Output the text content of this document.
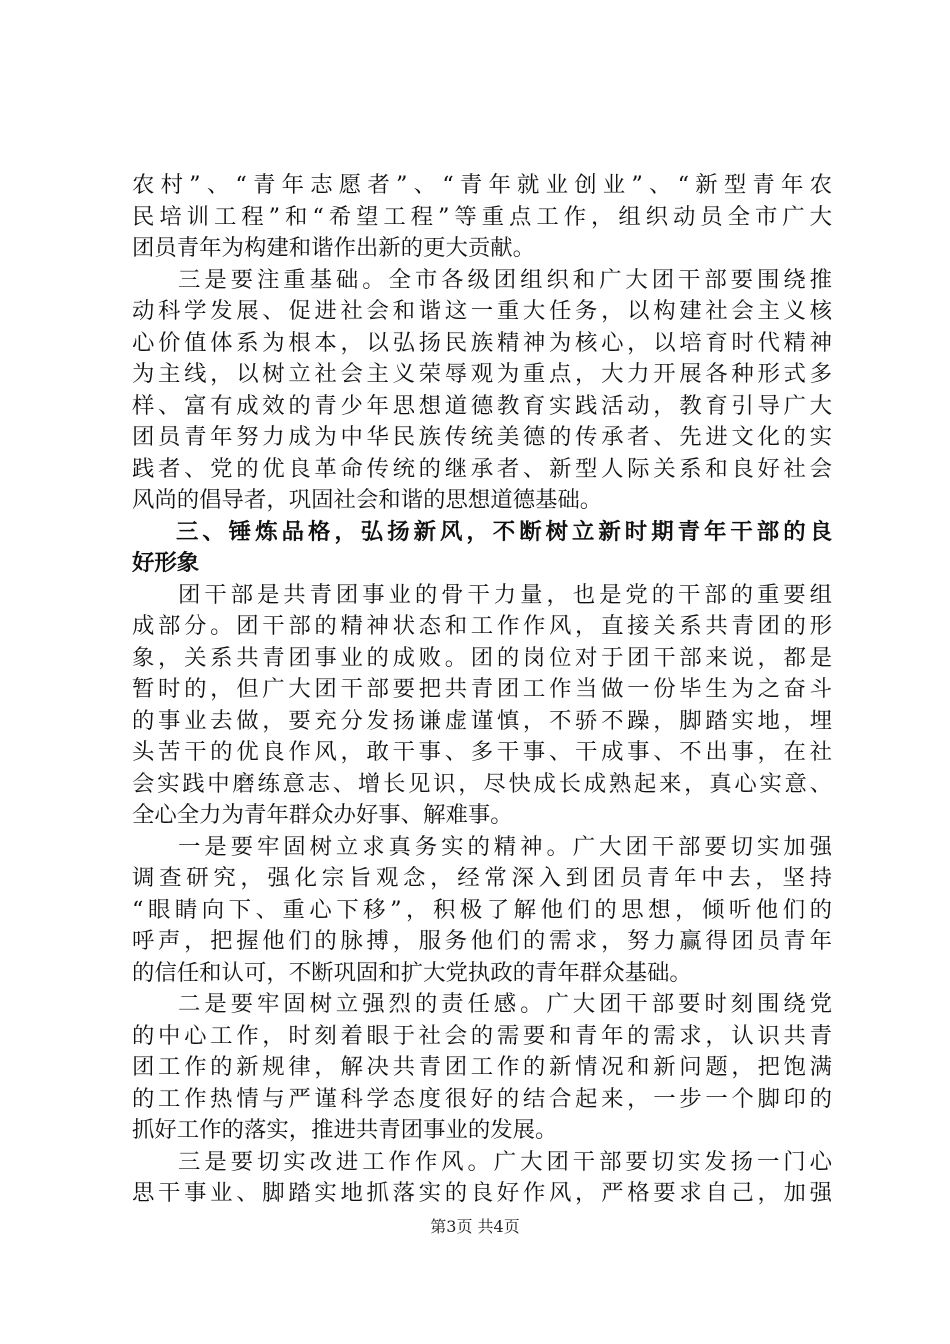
农村”、“青年志愿者”、“青年就业创业”、“新型青年农
民培训工程”和“希望工程”等重点工作，组织动员全市广大
团员青年为构建和谐作出新的更大贡献。
三是要注重基础。全市各级团组织和广大团干部要围绕推
动科学发展、促进社会和谐这一重大任务，以构建社会主义核
心价值体系为根本，以弘扬民族精神为核心，以培育时代精神
为主线，以树立社会主义荣辱观为重点，大力开展各种形式多
样、富有成效的青少年思想道德教育实践活动，教育引导广大
团员青年努力成为中华民族传统美德的传承者、先进文化的实
践者、党的优良革命传统的继承者、新型人际关系和良好社会
风尚的倡导者，巩固社会和谐的思想道德基础。
三、锤炼品格，弘扬新风，不断树立新时期青年干部的良
好形象
团干部是共青团事业的骨干力量，也是党的干部的重要组
成部分。团干部的精神状态和工作作风，直接关系共青团的形
象，关系共青团事业的成败。团的岗位对于团干部来说，都是
暂时的，但广大团干部要把共青团工作当做一份毕生为之奋斗
的事业去做，要充分发扬谦虚谨慎，不骄不躁，脚踏实地，埋
头苦干的优良作风，敢干事、多干事、干成事、不出事，在社
会实践中磨练意志、增长见识，尽快成长成熟起来，真心实意、
全心全力为青年群众办好事、解难事。
一是要牢固树立求真务实的精神。广大团干部要切实加强
调查研究，强化宗旨观念，经常深入到团员青年中去，坚持
“眼睛向下、重心下移”，积极了解他们的思想，倾听他们的
呼声，把握他们的脉搏，服务他们的需求，努力赢得团员青年
的信任和认可，不断巩固和扩大党执政的青年群众基础。
二是要牢固树立强烈的责任感。广大团干部要时刻围绕党
的中心工作，时刻着眼于社会的需要和青年的需求，认识共青
团工作的新规律，解决共青团工作的新情况和新问题，把饱满
的工作热情与严谨科学态度很好的结合起来，一步一个脚印的
抓好工作的落实，推进共青团事业的发展。
三是要切实改进工作作风。广大团干部要切实发扬一门心
思干事业、脚踏实地抓落实的良好作风，严格要求自己，加强
第3页 共4页
